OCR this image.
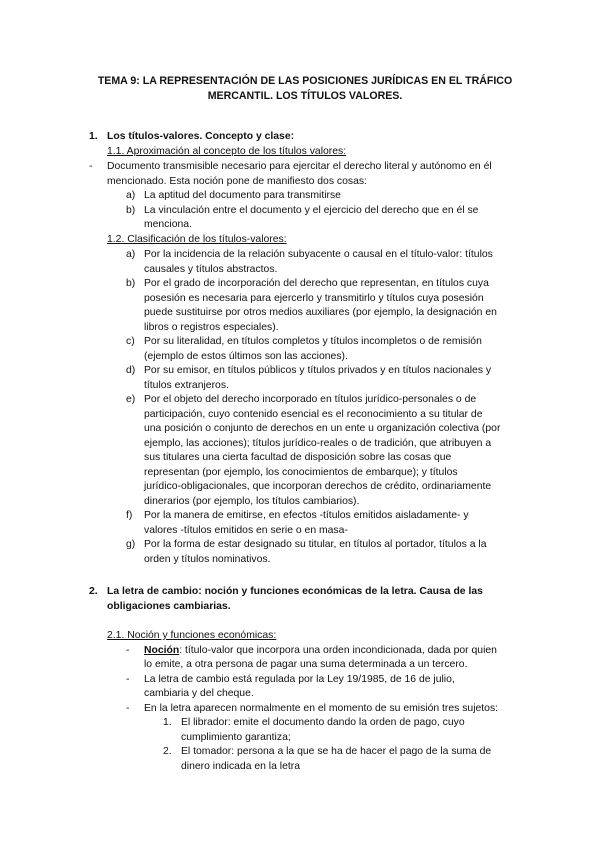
TEMA 9: LA REPRESENTACIÓN DE LAS POSICIONES JURÍDICAS EN EL TRÁFICO
MERCANTIL. LOS TÍTULOS VALORES.
1. Los títulos-valores. Concepto y clase:
1.1. Aproximación al concepto de los títulos valores:
- Documento transmisible necesario para ejercitar el derecho literal y autónomo en él
mencionado. Esta noción pone de manifiesto dos cosas:
a) La aptitud del documento para transmitirse
b) La vinculación entre el documento y el ejercicio del derecho que en él se
menciona.
1.2. Clasificación de los títulos-valores:
a) Por la incidencia de la relación subyacente o causal en el título-valor: títulos
causales y títulos abstractos.
b) Por el grado de incorporación del derecho que representan, en títulos cuya
posesión es necesaria para ejercerlo y transmitirlo y títulos cuya posesión
puede sustituirse por otros medios auxiliares (por ejemplo, la designación en
libros o registros especiales).
c) Por su literalidad, en títulos completos y títulos incompletos o de remisión
(ejemplo de estos últimos son las acciones).
d) Por su emisor, en títulos públicos y títulos privados y en títulos nacionales y
títulos extranjeros.
e) Por el objeto del derecho incorporado en títulos jurídico-personales o de
participación, cuyo contenido esencial es el reconocimiento a su titular de
una posición o conjunto de derechos en un ente u organización colectiva (por
ejemplo, las acciones); títulos jurídico-reales o de tradición, que atribuyen a
sus titulares una cierta facultad de disposición sobre las cosas que
representan (por ejemplo, los conocimientos de embarque); y títulos
jurídico-obligacionales, que incorporan derechos de crédito, ordinariamente
dinerarios (por ejemplo, los títulos cambiarios).
f) Por la manera de emitirse, en efectos -títulos emitidos aisladamente- y
valores -títulos emitidos en serie o en masa-
g) Por la forma de estar designado su titular, en títulos al portador, títulos a la
orden y títulos nominativos.
2. La letra de cambio: noción y funciones económicas de la letra. Causa de las
obligaciones cambiarias.
2.1. Noción y funciones económicas:
- Noción: título-valor que incorpora una orden incondicionada, dada por quien
lo emite, a otra persona de pagar una suma determinada a un tercero.
- La letra de cambio está regulada por la Ley 19/1985, de 16 de julio,
cambiaria y del cheque.
- En la letra aparecen normalmente en el momento de su emisión tres sujetos:
1. El librador: emite el documento dando la orden de pago, cuyo
cumplimiento garantiza;
2. El tomador: persona a la que se ha de hacer el pago de la suma de
dinero indicada en la letra
